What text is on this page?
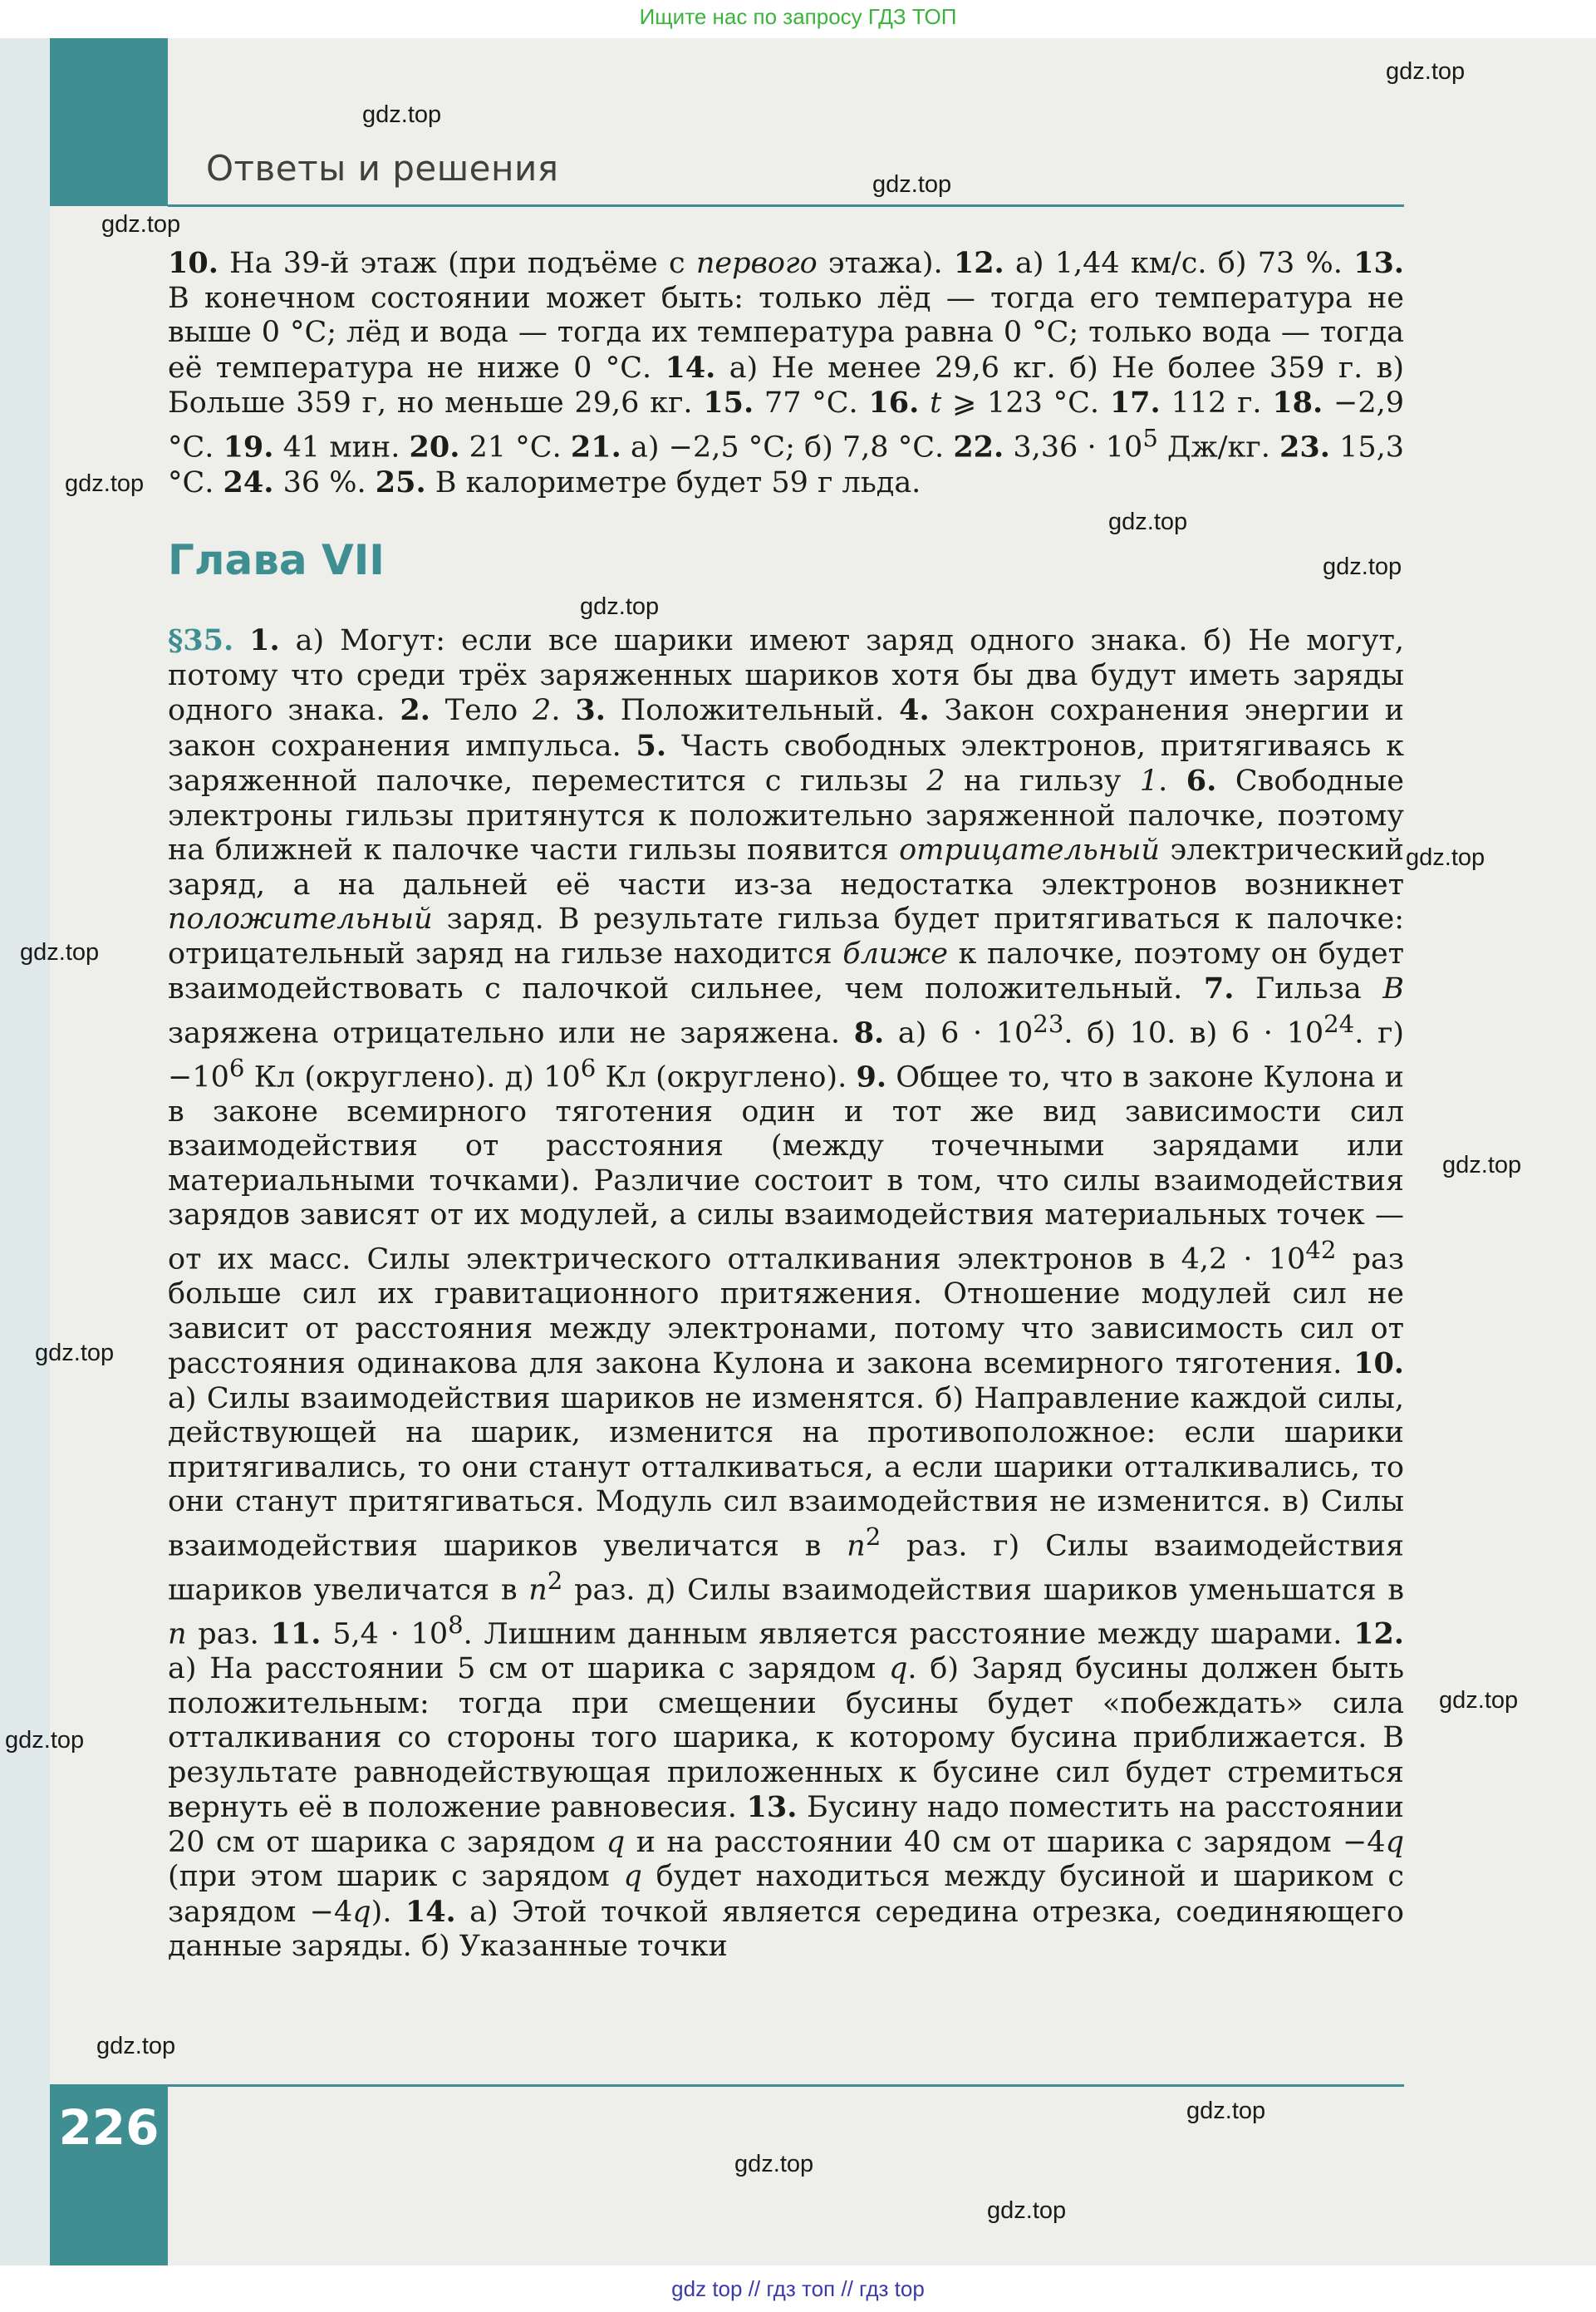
Ищите нас по запросу ГДЗ ТОП
Ответы и решения

10. На 39-й этаж (при подъёме с первого этажа). 12. а) 1,44 км/с. б) 73 %. 13. В конечном состоянии может быть: только лёд — тогда его температура не выше 0 °С; лёд и вода — тогда их температура равна 0 °С; только вода — тогда её температура не ниже 0 °С. 14. а) Не менее 29,6 кг. б) Не более 359 г. в) Больше 359 г, но меньше 29,6 кг. 15. 77 °С. 16. t ⩾ 123 °С. 17. 112 г. 18. −2,9 °С. 19. 41 мин. 20. 21 °С. 21. а) −2,5 °С; б) 7,8 °С. 22. $3,36 \cdot 10^5$ Дж/кг. 23. 15,3 °С. 24. 36 %. 25. В калориметре будет 59 г льда.

Глава VII

§35. 1. а) Могут: если все шарики имеют заряд одного знака. б) Не могут, потому что среди трёх заряженных шариков хотя бы два будут иметь заряды одного знака. 2. Тело 2. 3. Положительный. 4. Закон сохранения энергии и закон сохранения импульса. 5. Часть свободных электронов, притягиваясь к заряженной палочке, переместится с гильзы 2 на гильзу 1. 6. Свободные электроны гильзы притянутся к положительно заряженной палочке, поэтому на ближней к палочке части гильзы появится отрицательный электрический заряд, а на дальней её части из-за недостатка электронов возникнет положительный заряд. В результате гильза будет притягиваться к палочке: отрицательный заряд на гильзе находится ближе к палочке, поэтому он будет взаимодействовать с палочкой сильнее, чем положительный. 7. Гильза B заряжена отрицательно или не заряжена. 8. а) $6 \cdot 10^{23}$. б) 10. в) $6 \cdot 10^{24}$. $г) -10^6$ Кл (округлено). д) $10^6$ Кл (округлено). 9. Общее то, что в законе Кулона и в законе всемирного тяготения один и тот же вид зависимости сил взаимодействия от расстояния (между точечными зарядами или материальными точками). Различие состоит в том, что силы взаимодействия зарядов зависят от их модулей, а силы взаимодействия материальных точек — от их масс. Силы электрического отталкивания электронов в $4,2 \cdot 10^{42}$ раз больше сил их гравитационного притяжения. Отношение модулей сил не зависит от расстояния между электронами, потому что зависимость сил от расстояния одинакова для закона Кулона и закона всемирного тяготения. 10. а) Силы взаимодействия шариков не изменятся. б) Направление каждой силы, действующей на шарик, изменится на противоположное: если шарики притягивались, то они станут отталкиваться, а если шарики отталкивались, то они станут притягиваться. Модуль сил взаимодействия не изменится. в) Силы взаимодействия шариков увеличатся в $n^2$ раз. г) Силы взаимодействия шариков увеличатся в $n^2$ раз. д) Силы взаимодействия шариков уменьшатся в n раз. 11. $5,4 \cdot 10^8$. Лишним данным является расстояние между шарами. 12. а) На расстоянии 5 см от шарика с зарядом q. б) Заряд бусины должен быть положительным: тогда при смещении бусины будет «побеждать» сила отталкивания со стороны того шарика, к которому бусина приближается. В результате равнодействующая приложенных к бусине сил будет стремиться вернуть её в положение равновесия. 13. Бусину надо поместить на расстоянии 20 см от шарика с зарядом q и на расстоянии 40 см от шарика с зарядом −4q (при этом шарик с зарядом q будет находиться между бусиной и шариком с зарядом −4q). 14. а) Этой точкой является середина отрезка, соединяющего данные заряды. б) Указанные точки

226
gdz.top
gdz.top
gdz.top
gdz.top
gdz.top
gdz.top
gdz.top
gdz.top
gdz.top
gdz.top
gdz.top
gdz.top
gdz.top
gdz.top
gdz.top
gdz.top
gdz.top
gdz.top
gdz top // гдз топ // гдз top
